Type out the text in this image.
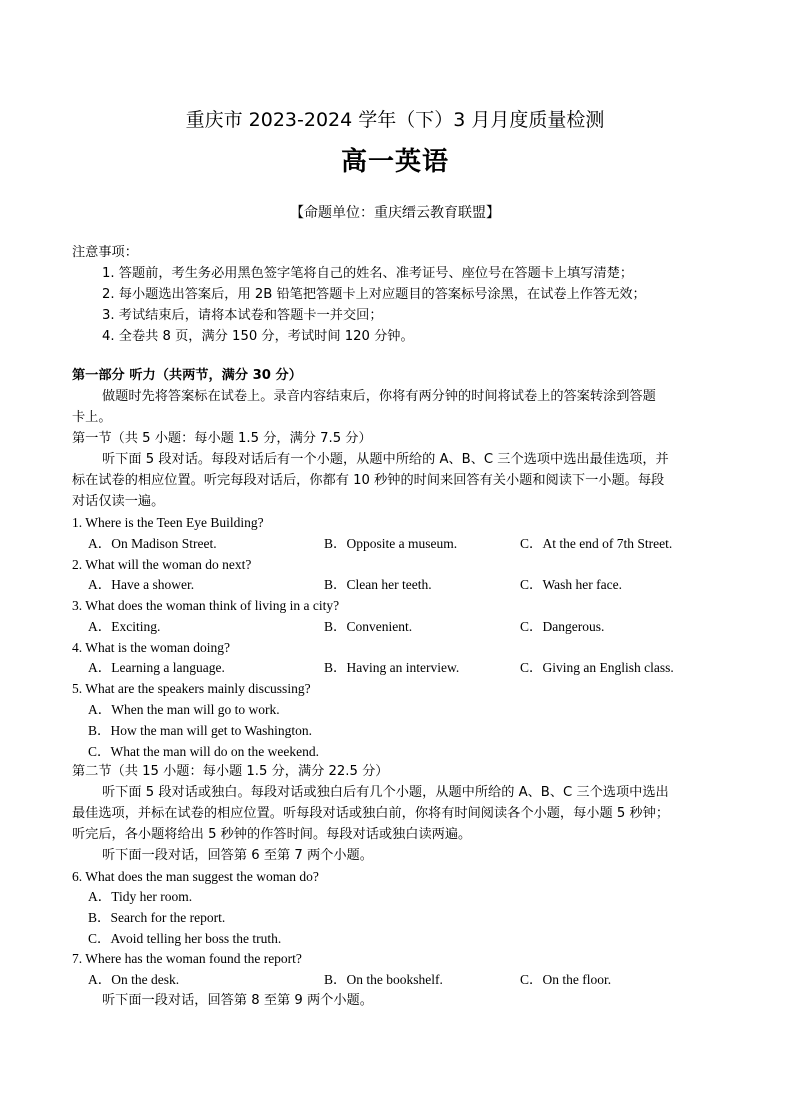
重庆市 2023-2024 学年（下）3 月月度质量检测
高一英语
【命题单位：重庆缙云教育联盟】
注意事项：
1. 答题前，考生务必用黑色签字笔将自己的姓名、准考证号、座位号在答题卡上填写清楚；
2. 每小题选出答案后，用 2B 铅笔把答题卡上对应题目的答案标号涂黑，在试卷上作答无效；
3. 考试结束后，请将本试卷和答题卡一并交回；
4. 全卷共 8 页，满分 150 分，考试时间 120 分钟。
第一部分 听力（共两节，满分 30 分）
做题时先将答案标在试卷上。录音内容结束后，你将有两分钟的时间将试卷上的答案转涂到答题
卡上。
第一节（共 5 小题：每小题 1.5 分，满分 7.5 分）
听下面 5 段对话。每段对话后有一个小题，从题中所给的 A、B、C 三个选项中选出最佳选项，并
标在试卷的相应位置。听完每段对话后，你都有 10 秒钟的时间来回答有关小题和阅读下一小题。每段
对话仅读一遍。
1. Where is the Teen Eye Building?
A．On Madison Street.	B．Opposite a museum.	C．At the end of 7th Street.
2. What will the woman do next?
A．Have a shower.	B．Clean her teeth.	C．Wash her face.
3. What does the woman think of living in a city?
A．Exciting.	B．Convenient.	C．Dangerous.
4. What is the woman doing?
A．Learning a language.	B．Having an interview.	C．Giving an English class.
5. What are the speakers mainly discussing?
A．When the man will go to work.
B．How the man will get to Washington.
C．What the man will do on the weekend.
第二节（共 15 小题：每小题 1.5 分，满分 22.5 分）
听下面 5 段对话或独白。每段对话或独白后有几个小题，从题中所给的 A、B、C 三个选项中选出
最佳选项，并标在试卷的相应位置。听每段对话或独白前，你将有时间阅读各个小题，每小题 5 秒钟；
听完后，各小题将给出 5 秒钟的作答时间。每段对话或独白读两遍。
听下面一段对话，回答第 6 至第 7 两个小题。
6. What does the man suggest the woman do?
A．Tidy her room.
B．Search for the report.
C．Avoid telling her boss the truth.
7. Where has the woman found the report?
A．On the desk.	B．On the bookshelf.	C．On the floor.
听下面一段对话，回答第 8 至第 9 两个小题。
